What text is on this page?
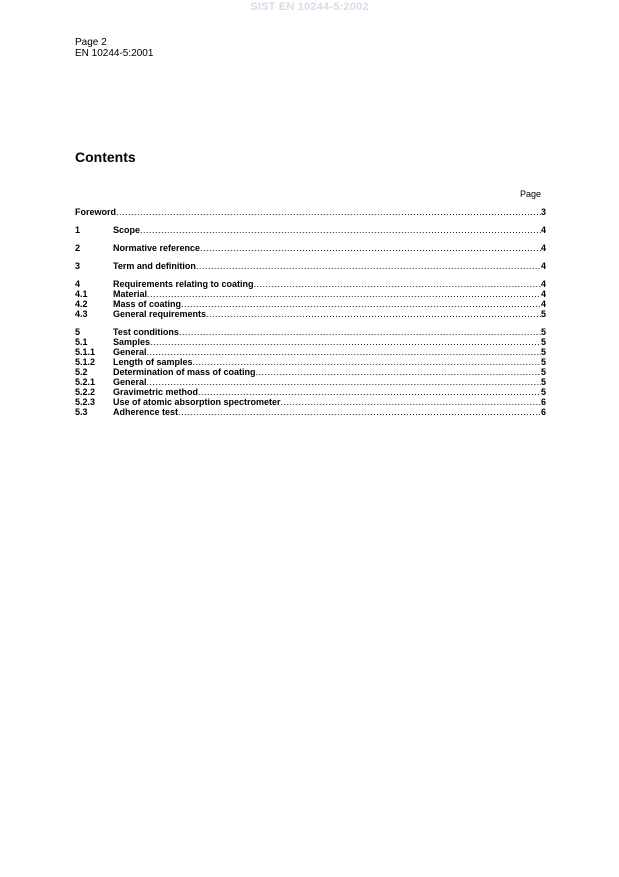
SIST EN 10244-5:2002
Page 2
EN 10244-5:2001
Contents
Page
Foreword .....	3
1	Scope .....	4
2	Normative reference .....	4
3	Term and definition .....	4
4	Requirements relating to coating .....	4
4.1	Material .....	4
4.2	Mass of coating .....	4
4.3	General requirements .....	5
5	Test conditions .....	5
5.1	Samples .....	5
5.1.1	General .....	5
5.1.2	Length of samples .....	5
5.2	Determination of mass of coating .....	5
5.2.1	General .....	5
5.2.2	Gravimetric method .....	5
5.2.3	Use of atomic absorption spectrometer .....	6
5.3	Adherence test .....	6
